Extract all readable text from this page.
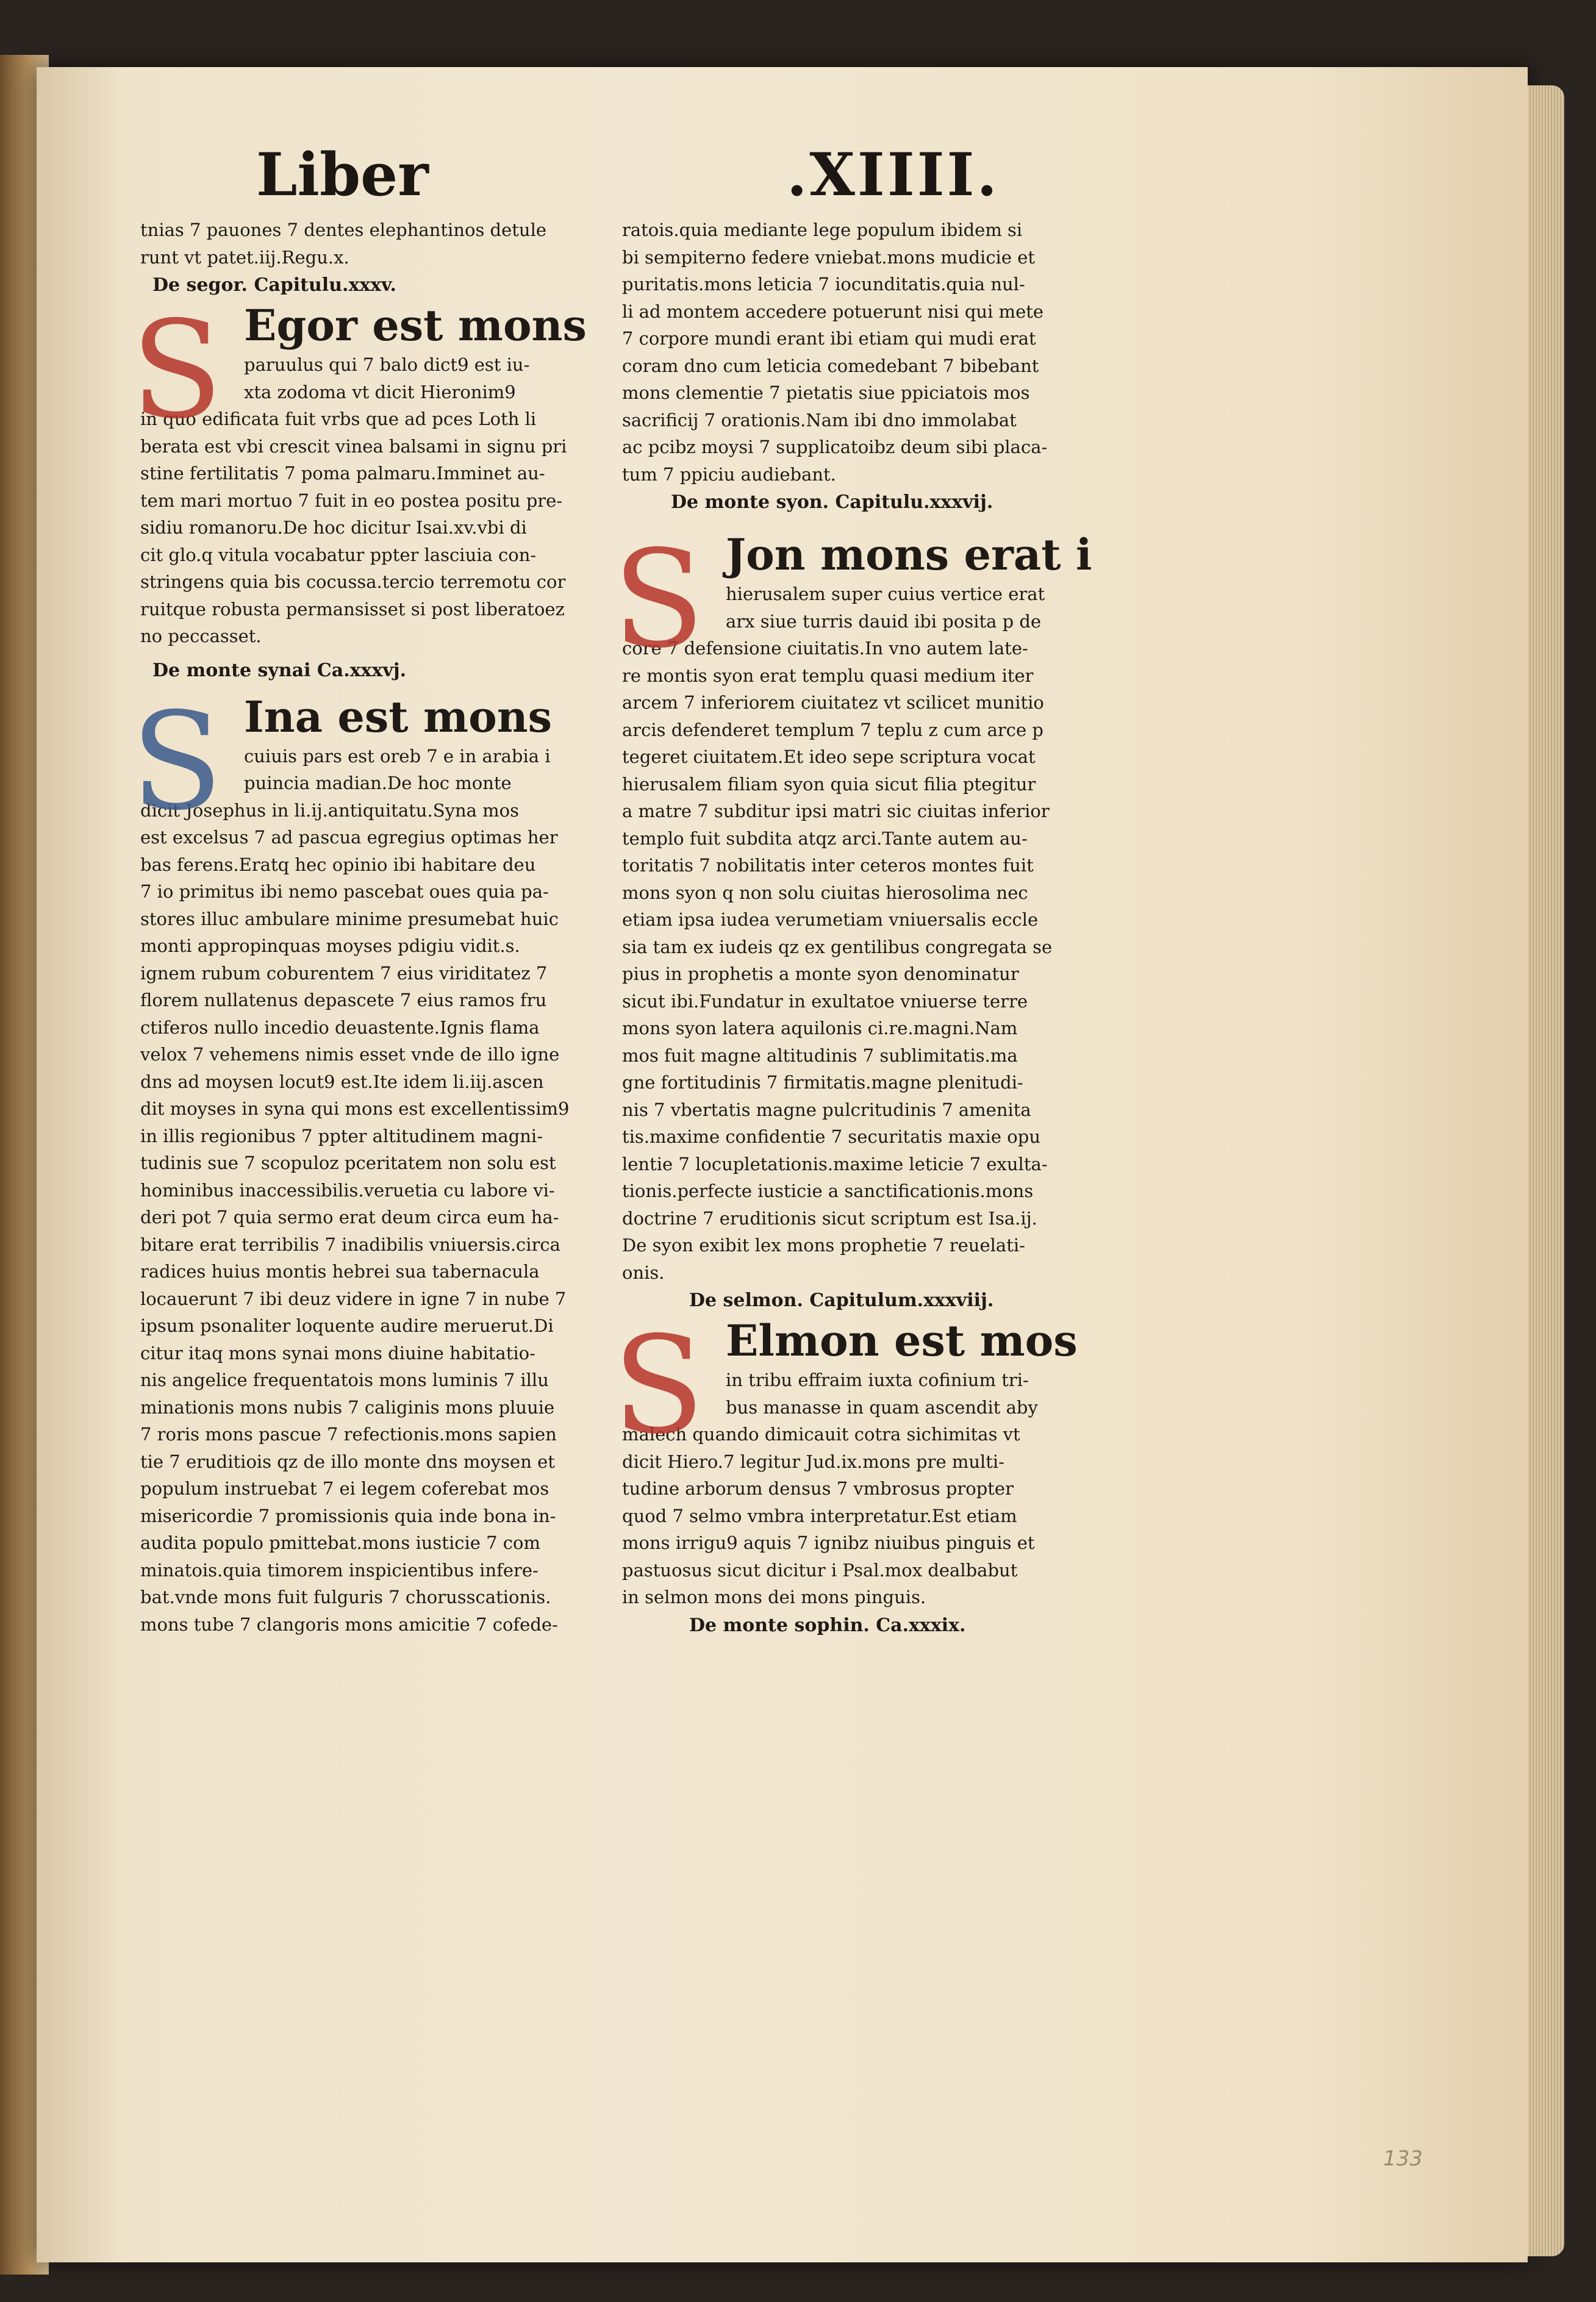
Liber	.XIIII.
tnias 7 pauones 7 dentes elephantinos detule
runt vt patet.iij.Regu.x.
De segor. Capitulu.xxxv.
S Egor est mons
paruulus qui 7 balo dict9 est iu-
xta zodoma vt dicit Hieronim9
in quo edificata fuit vrbs que ad pces Loth li
berata est vbi crescit vinea balsami in signu pri
stine fertilitatis 7 poma palmaru.Imminet au-
tem mari mortuo 7 fuit in eo postea positu pre-
sidiu romanoru.De hoc dicitur Isai.xv.vbi di
cit glo.q vitula vocabatur ppter lasciuia con-
stringens quia bis cocussa.tercio terremotu cor
ruitque robusta permansisset si post liberatoez
no peccasset.
De monte synai Ca.xxxvj.
S Ina est mons
cuiuis pars est oreb 7 e in arabia i
puincia madian.De hoc monte
dicit Josephus in li.ij.antiquitatu.Syna mos
est excelsus 7 ad pascua egregius optimas her
bas ferens.Eratq hec opinio ibi habitare deu
7 io primitus ibi nemo pascebat oues quia pa-
stores illuc ambulare minime presumebat huic
monti appropinquas moyses pdigiu vidit.s.
ignem rubum coburentem 7 eius viriditatez 7
florem nullatenus depascete 7 eius ramos fru
ctiferos nullo incedio deuastente.Ignis flama
velox 7 vehemens nimis esset vnde de illo igne
dns ad moysen locut9 est.Ite idem li.iij.ascen
dit moyses in syna qui mons est excellentissim9
in illis regionibus 7 ppter altitudinem magni-
tudinis sue 7 scopuloz pceritatem non solu est
hominibus inaccessibilis.veruetia cu labore vi-
deri pot 7 quia sermo erat deum circa eum ha-
bitare erat terribilis 7 inadibilis vniuersis.circa
radices huius montis hebrei sua tabernacula
locauerunt 7 ibi deuz videre in igne 7 in nube 7
ipsum psonaliter loquente audire meruerut.Di
citur itaq mons synai mons diuine habitatio-
nis angelice frequentatois mons luminis 7 illu
minationis mons nubis 7 caliginis mons pluuie
7 roris mons pascue 7 refectionis.mons sapien
tie 7 eruditiois qz de illo monte dns moysen et
populum instruebat 7 ei legem coferebat mos
misericordie 7 promissionis quia inde bona in-
audita populo pmittebat.mons iusticie 7 com
minatois.quia timorem inspicientibus infere-
bat.vnde mons fuit fulguris 7 chorusscationis.
mons tube 7 clangoris mons amicitie 7 cofede-
ratois.quia mediante lege populum ibidem si
bi sempiterno federe vniebat.mons mudicie et
puritatis.mons leticia 7 iocunditatis.quia nul-
li ad montem accedere potuerunt nisi qui mete
7 corpore mundi erant ibi etiam qui mudi erat
coram dno cum leticia comedebant 7 bibebant
mons clementie 7 pietatis siue ppiciatois mos
sacrificij 7 orationis.Nam ibi dno immolabat
ac pcibz moysi 7 supplicatoibz deum sibi placa-
tum 7 ppiciu audiebant.
De monte syon. Capitulu.xxxvij.
S Jon mons erat i
hierusalem super cuius vertice erat
arx siue turris dauid ibi posita p de
core 7 defensione ciuitatis.In vno autem late-
re montis syon erat templu quasi medium iter
arcem 7 inferiorem ciuitatez vt scilicet munitio
arcis defenderet templum 7 teplu z cum arce p
tegeret ciuitatem.Et ideo sepe scriptura vocat
hierusalem filiam syon quia sicut filia ptegitur
a matre 7 subditur ipsi matri sic ciuitas inferior
templo fuit subdita atqz arci.Tante autem au-
toritatis 7 nobilitatis inter ceteros montes fuit
mons syon q non solu ciuitas hierosolima nec
etiam ipsa iudea verumetiam vniuersalis eccle
sia tam ex iudeis qz ex gentilibus congregata se
pius in prophetis a monte syon denominatur
sicut ibi.Fundatur in exultatoe vniuerse terre
mons syon latera aquilonis ci.re.magni.Nam
mos fuit magne altitudinis 7 sublimitatis.ma
gne fortitudinis 7 firmitatis.magne plenitudi-
nis 7 vbertatis magne pulcritudinis 7 amenita
tis.maxime confidentie 7 securitatis maxie opu
lentie 7 locupletationis.maxime leticie 7 exulta-
tionis.perfecte iusticie a sanctificationis.mons
doctrine 7 eruditionis sicut scriptum est Isa.ij.
De syon exibit lex mons prophetie 7 reuelati-
onis.
De selmon. Capitulum.xxxviij.
S Elmon est mos
in tribu effraim iuxta cofinium tri-
bus manasse in quam ascendit aby
malech quando dimicauit cotra sichimitas vt
dicit Hiero.7 legitur Jud.ix.mons pre multi-
tudine arborum densus 7 vmbrosus propter
quod 7 selmo vmbra interpretatur.Est etiam
mons irrigu9 aquis 7 ignibz niuibus pinguis et
pastuosus sicut dicitur i Psal.mox dealbabut
in selmon mons dei mons pinguis.
De monte sophin. Ca.xxxix.
133
